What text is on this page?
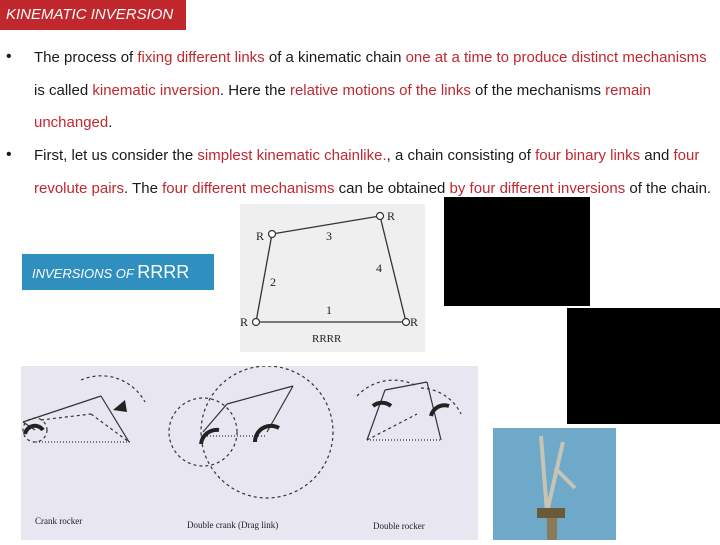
KINEMATIC INVERSION
• The process of fixing different links of a kinematic chain one at a time to produce distinct mechanisms is called kinematic inversion. Here the relative motions of the links of the mechanisms remain unchanged.
• First, let us consider the simplest kinematic chainlike., a chain consisting of four binary links and four revolute pairs. The four different mechanisms can be obtained by four different inversions of the chain.
INVERSIONS OF RRRR
R
R
R
R
1
2
3
4
RRRR
Crank rocker	Double crank (Drag link)	Double rocker
